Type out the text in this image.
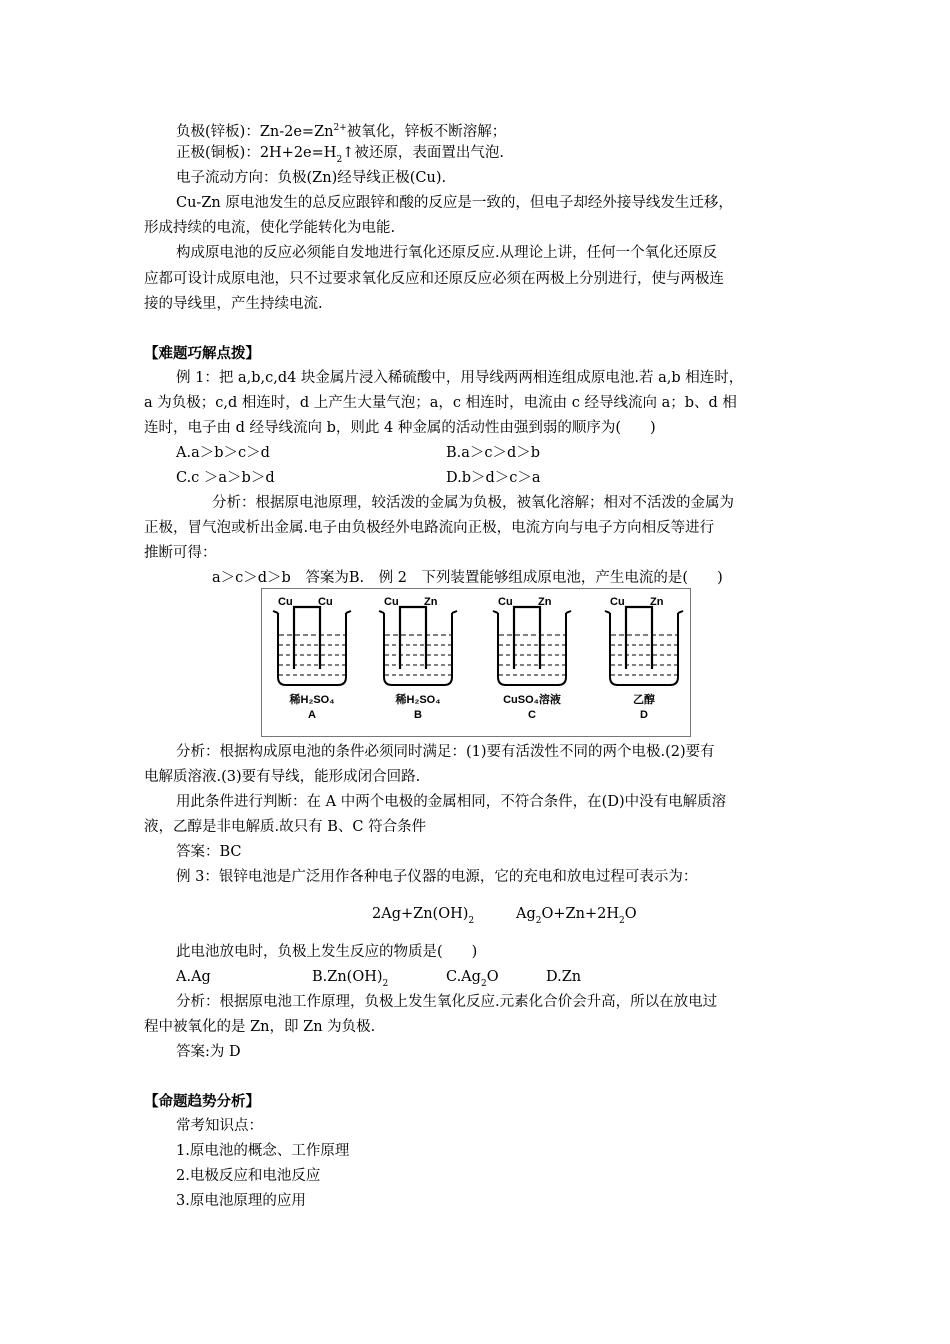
负极(锌板)：$Zn-2e=Zn^{2+}$被氧化，锌板不断溶解；
正极(铜板)：$2H+2e=H_2↑$被还原，表面置出气泡.
电子流动方向：负极(Zn)经导线正极(Cu).
Cu-Zn 原电池发生的总反应跟锌和酸的反应是一致的，但电子却经外接导线发生迁移，
形成持续的电流，使化学能转化为电能.
构成原电池的反应必须能自发地进行氧化还原反应.从理论上讲，任何一个氧化还原反
应都可设计成原电池，只不过要求氧化反应和还原反应必须在两极上分别进行，使与两极连
接的导线里，产生持续电流.
【难题巧解点拨】
例 1：把 a,b,c,d4 块金属片浸入稀硫酸中，用导线两两相连组成原电池.若 a,b 相连时，
a 为负极；c,d 相连时，d 上产生大量气泡；a，c 相连时，电流由 c 经导线流向 a；b、d 相
连时，电子由 d 经导线流向 b，则此 4 种金属的活动性由强到弱的顺序为(　　)
A.a＞b＞c＞d	B.a＞c＞d＞b
C.c ＞a＞b＞d	D.b＞d＞c＞a
分析：根据原电池原理，较活泼的金属为负极，被氧化溶解；相对不活泼的金属为
正极，冒气泡或析出金属.电子由负极经外电路流向正极，电流方向与电子方向相反等进行
推断可得：
a＞c＞d＞b　答案为B.　例 2　下列装置能够组成原电池，产生电流的是(　　)
Cu Cu
稀H₂SO₄
A
Cu Zn
稀H₂SO₄
B
Cu Zn
CuSO₄溶液
C
Cu Zn
乙醇
D
分析：根据构成原电池的条件必须同时满足：(1)要有活泼性不同的两个电极.(2)要有
电解质溶液.(3)要有导线，能形成闭合回路.
用此条件进行判断：在 A 中两个电极的金属相同，不符合条件，在(D)中没有电解质溶
液，乙醇是非电解质.故只有 B、C 符合条件
答案：BC
例 3：银锌电池是广泛用作各种电子仪器的电源，它的充电和放电过程可表示为：
$2Ag+Zn(OH)_2$	$Ag_2O+Zn+2H_2O$
此电池放电时，负极上发生反应的物质是(　　)
A.Ag	$B.Zn(OH)_2$	$C.Ag_2O$	D.Zn
分析：根据原电池工作原理，负极上发生氧化反应.元素化合价会升高，所以在放电过
程中被氧化的是 Zn，即 Zn 为负极.
答案:为 D
【命题趋势分析】
常考知识点：
1.原电池的概念、工作原理
2.电极反应和电池反应
3.原电池原理的应用
